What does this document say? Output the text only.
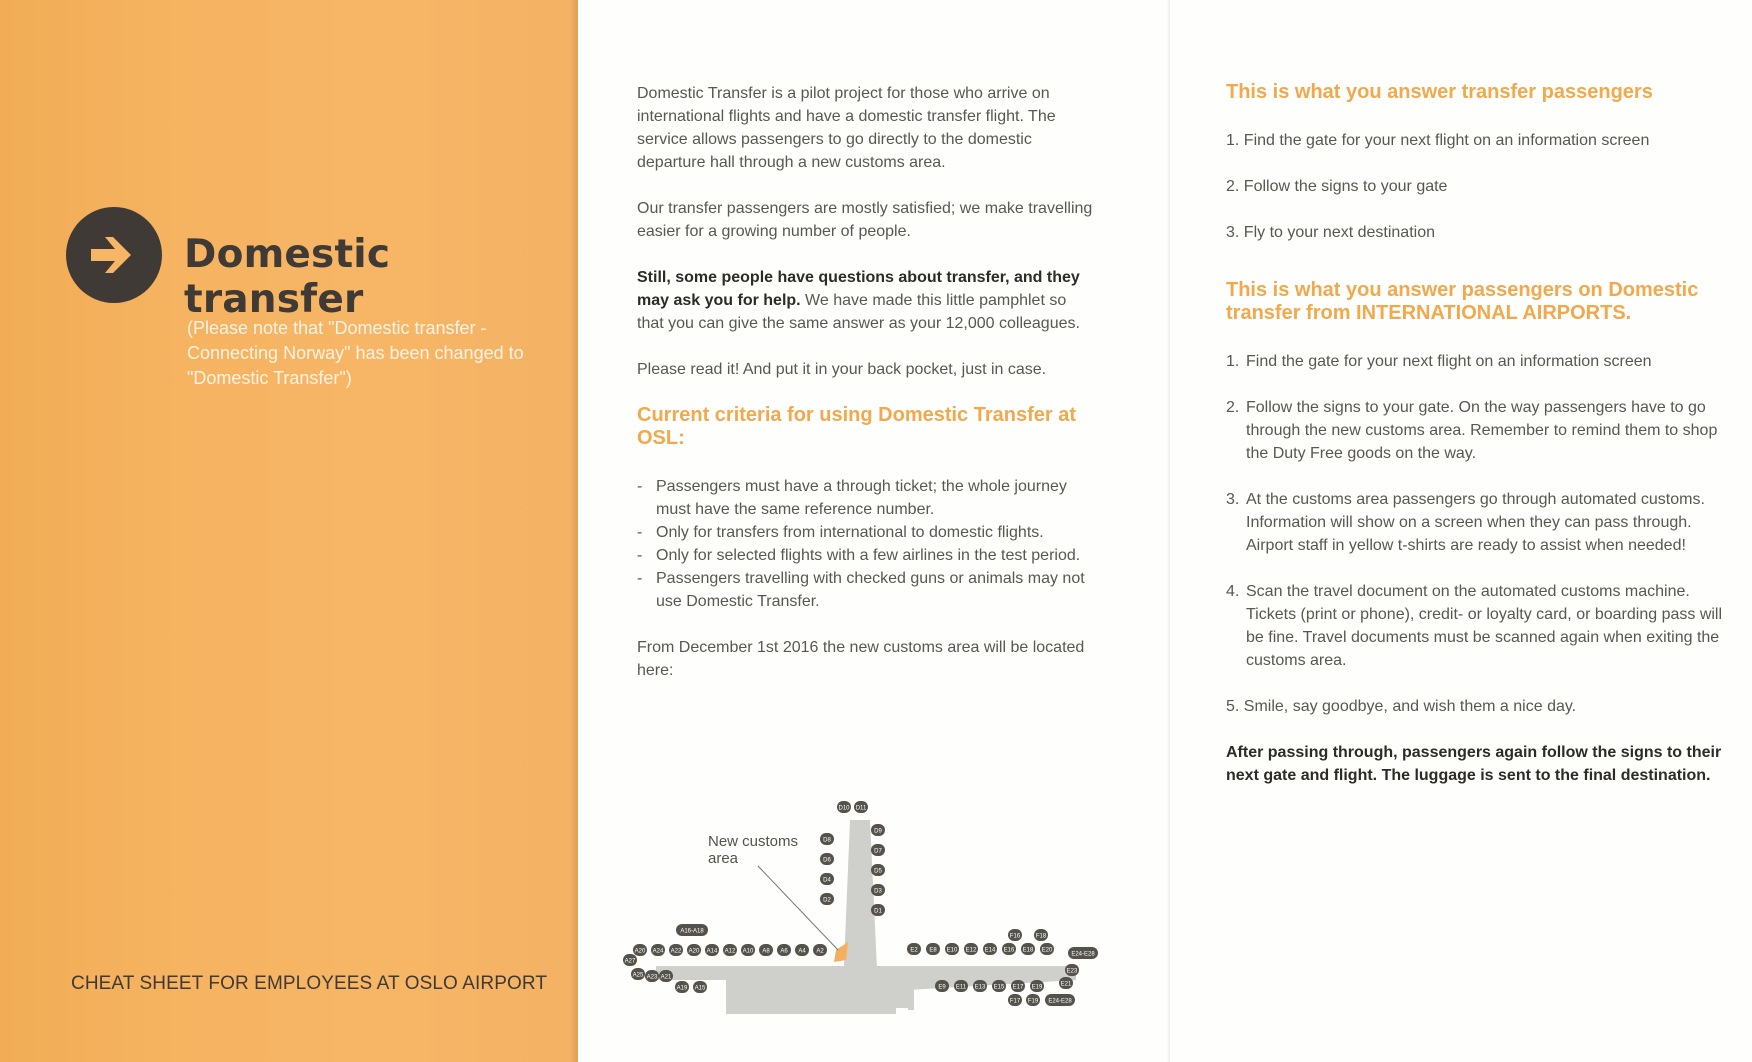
Domestic transfer
(Please note that "Domestic transfer - Connecting Norway" has been changed to "Domestic Transfer")
CHEAT SHEET FOR EMPLOYEES AT OSLO AIRPORT

Domestic Transfer is a pilot project for those who arrive on international flights and have a domestic transfer flight. The service allows passengers to go directly to the domestic departure hall through a new customs area.

Our transfer passengers are mostly satisfied; we make travelling easier for a growing number of people.

Still, some people have questions about transfer, and they may ask you for help. We have made this little pamphlet so that you can give the same answer as your 12,000 colleagues.

Please read it! And put it in your back pocket, just in case.

Current criteria for using Domestic Transfer at OSL:
- Passengers must have a through ticket; the whole journey must have the same reference number.
- Only for transfers from international to domestic flights.
- Only for selected flights with a few airlines in the test period.
- Passengers travelling with checked guns or animals may not use Domestic Transfer.

From December 1st 2016 the new customs area will be located here:

New customs
area
D10
D8
D6
D4
D2
D11
D9
D7
D5
D3
D1
A20 A24 A22 A20 A14 A12 A10 A8 A6 A4 A2
A16-A18
A27
A25 A23 A21
A19 A15
E2 E8 E10 E12 E14 E16 E18 E20
F16	F18
E9 E11 E13 E15 E17 E19
F17 F19
E23
E21
E24-E28
E24-E28
This is what you answer transfer passengers
1. Find the gate for your next flight on an information screen
2. Follow the signs to your gate
3. Fly to your next destination
This is what you answer passengers on Domestic transfer from INTERNATIONAL AIRPORTS.
1. Find the gate for your next flight on an information screen
2. Follow the signs to your gate. On the way passengers have to go through the new customs area. Remember to remind them to shop the Duty Free goods on the way.
3. At the customs area passengers go through automated customs. Information will show on a screen when they can pass through. Airport staff in yellow t-shirts are ready to assist when needed!
4. Scan the travel document on the automated customs machine. Tickets (print or phone), credit- or loyalty card, or boarding pass will be fine. Travel documents must be scanned again when exiting the customs area.

5. Smile, say goodbye, and wish them a nice day.

After passing through, passengers again follow the signs to their next gate and flight. The luggage is sent to the final destination.
